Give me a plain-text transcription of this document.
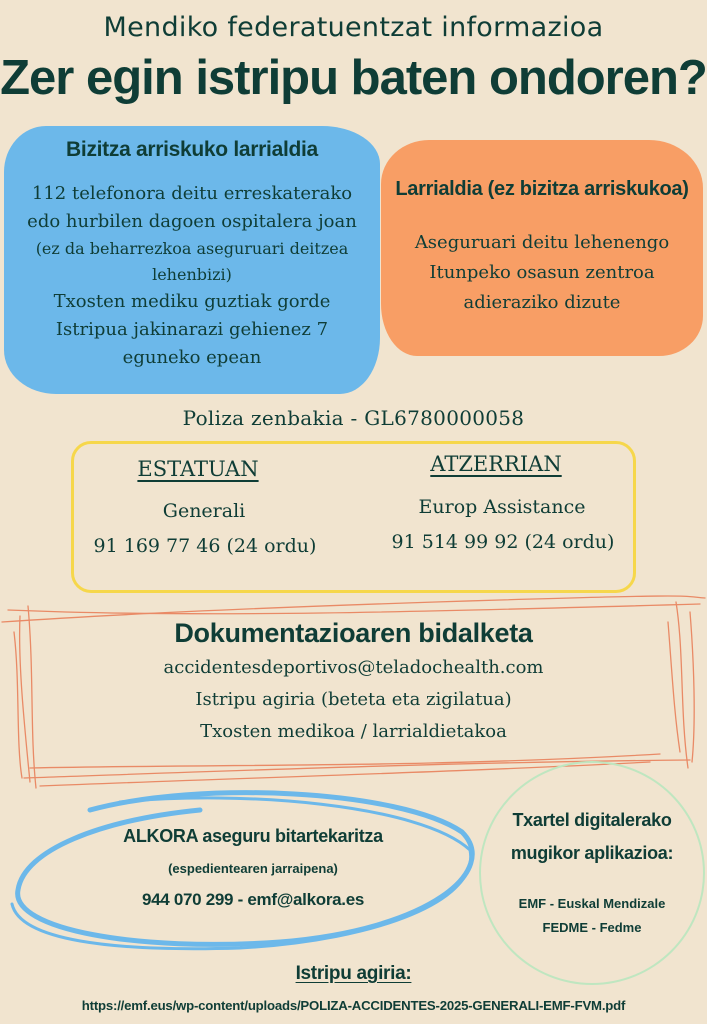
Mendiko federatuentzat informazioa
Zer egin istripu baten ondoren?
Bizitza arriskuko larrialdia
112 telefonora deitu erreskaterako
edo hurbilen dagoen ospitalera joan
(ez da beharrezkoa aseguruari deitzea
lehenbizi)
Txosten mediku guztiak gorde
Istripua jakinarazi gehienez 7
eguneko epean
Larrialdia (ez bizitza arriskukoa)
Aseguruari deitu lehenengo
Itunpeko osasun zentroa
adieraziko dizute
Poliza zenbakia - GL6780000058
ESTATUAN
Generali
91 169 77 46 (24 ordu)
ATZERRIAN
Europ Assistance
91 514 99 92 (24 ordu)
Dokumentazioaren bidalketa
accidentesdeportivos@teladochealth.com
Istripu agiria (beteta eta zigilatua)
Txosten medikoa / larrialdietakoa
ALKORA aseguru bitartekaritza
(espedientearen jarraipena)
944 070 299 - emf@alkora.es
Txartel digitalerako
mugikor aplikazioa:
EMF - Euskal Mendizale
FEDME - Fedme
Istripu agiria:
https://emf.eus/wp-content/uploads/POLIZA-ACCIDENTES-2025-GENERALI-EMF-FVM.pdf
